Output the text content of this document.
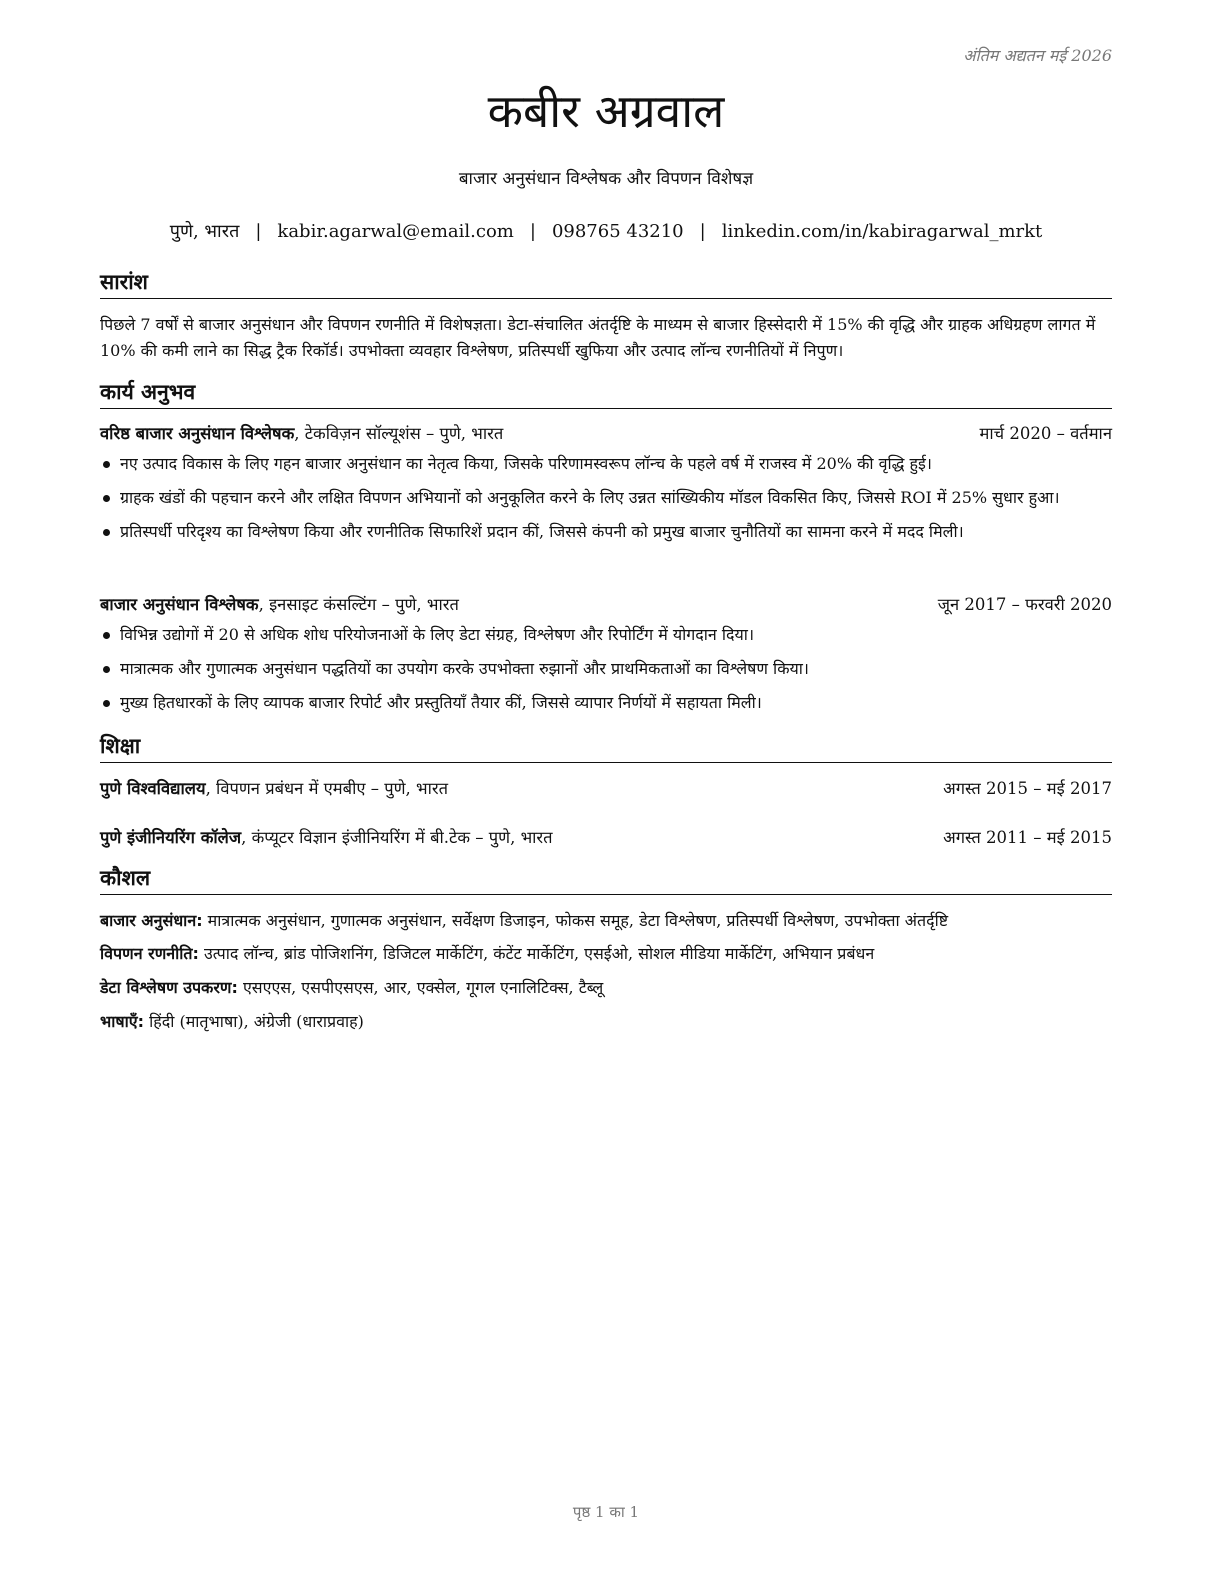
अंतिम अद्यतन मई 2026
कबीर अग्रवाल
बाजार अनुसंधान विश्लेषक और विपणन विशेषज्ञ
पुणे, भारत | kabir.agarwal@email.com | 098765 43210 | linkedin.com/in/kabiragarwal_mrkt
सारांश

पिछले 7 वर्षों से बाजार अनुसंधान और विपणन रणनीति में विशेषज्ञता। डेटा-संचालित अंतर्दृष्टि के माध्यम से बाजार हिस्सेदारी में 15% की वृद्धि और ग्राहक अधिग्रहण लागत में 10% की कमी लाने का सिद्ध ट्रैक रिकॉर्ड। उपभोक्ता व्यवहार विश्लेषण, प्रतिस्पर्धी खुफिया और उत्पाद लॉन्च रणनीतियों में निपुण।

कार्य अनुभव
वरिष्ठ बाजार अनुसंधान विश्लेषक, टेकविज़न सॉल्यूशंस – पुणे, भारत	मार्च 2020 – वर्तमान
नए उत्पाद विकास के लिए गहन बाजार अनुसंधान का नेतृत्व किया, जिसके परिणामस्वरूप लॉन्च के पहले वर्ष में राजस्व में 20% की वृद्धि हुई।
ग्राहक खंडों की पहचान करने और लक्षित विपणन अभियानों को अनुकूलित करने के लिए उन्नत सांख्यिकीय मॉडल विकसित किए, जिससे ROI में 25% सुधार हुआ।
प्रतिस्पर्धी परिदृश्य का विश्लेषण किया और रणनीतिक सिफारिशें प्रदान कीं, जिससे कंपनी को प्रमुख बाजार चुनौतियों का सामना करने में मदद मिली।
बाजार अनुसंधान विश्लेषक, इनसाइट कंसल्टिंग – पुणे, भारत	जून 2017 – फरवरी 2020
विभिन्न उद्योगों में 20 से अधिक शोध परियोजनाओं के लिए डेटा संग्रह, विश्लेषण और रिपोर्टिंग में योगदान दिया।
मात्रात्मक और गुणात्मक अनुसंधान पद्धतियों का उपयोग करके उपभोक्ता रुझानों और प्राथमिकताओं का विश्लेषण किया।
मुख्य हितधारकों के लिए व्यापक बाजार रिपोर्ट और प्रस्तुतियाँ तैयार कीं, जिससे व्यापार निर्णयों में सहायता मिली।
शिक्षा
पुणे विश्वविद्यालय, विपणन प्रबंधन में एमबीए – पुणे, भारत	अगस्त 2015 – मई 2017
पुणे इंजीनियरिंग कॉलेज, कंप्यूटर विज्ञान इंजीनियरिंग में बी.टेक – पुणे, भारत	अगस्त 2011 – मई 2015
कौशल
बाजार अनुसंधान: मात्रात्मक अनुसंधान, गुणात्मक अनुसंधान, सर्वेक्षण डिजाइन, फोकस समूह, डेटा विश्लेषण, प्रतिस्पर्धी विश्लेषण, उपभोक्ता अंतर्दृष्टि
विपणन रणनीति: उत्पाद लॉन्च, ब्रांड पोजिशनिंग, डिजिटल मार्केटिंग, कंटेंट मार्केटिंग, एसईओ, सोशल मीडिया मार्केटिंग, अभियान प्रबंधन
डेटा विश्लेषण उपकरण: एसएएस, एसपीएसएस, आर, एक्सेल, गूगल एनालिटिक्स, टैब्लू
भाषाएँ: हिंदी (मातृभाषा), अंग्रेजी (धाराप्रवाह)
पृष्ठ 1 का 1
